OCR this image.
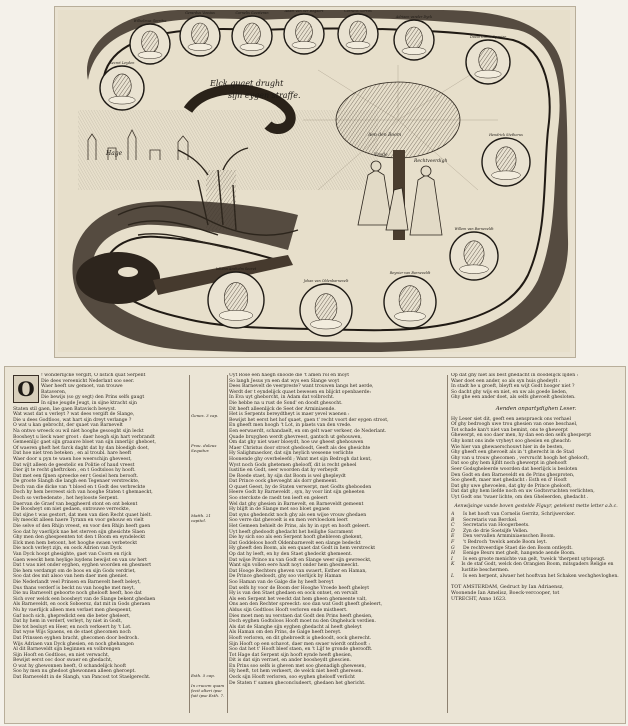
Elck quaet drught
sijn eygen straffe.
Hage
Aen den Boom
Vrede
Rechtveerdigh
Wilhelmus Gerritsz
Gerardus Vossius	Cornelis Geesteran	Adam van der Bogaert	Cornelis Gerrits
Adriaen vander Dyck
David Coorn Spaniar
Hendrick Stetherus
Willem van Barneveldt
Reynier van Barneveldt
Johan van Oldenbarnevelt
Iohann Anshelm Secret
Secret Leyden
O
! wonderlijcke vergift, O listich quat Serpent
Die dees vereenicht Nederlant soo seer.
Waer heeft uw gemoet, van trouwe
Bataveren,
Die bewijs (so gy segt) den Prins selfs gaugt
In sijne jeugde Jeugt, in sijne ktracht sijn
Staten stil gaen, Iae gaen Batavisch bewyst.
Wat wast dat u verleyt ? wat dees vergift de Slange,
Die u dees Godtloos, wat hart sijn dreyt verlange ?
O wat u kan gebrocht, der quaet van Barnevelt
Na ontwo wreeck ou wil niet hooghe gesooght sijn leckt
Boosheyt u lieck waer groot : daer hoogh sijn hart verbrandt
Gemeenlijc gaet sijn graauve bloet van sijn innerlijc gheboet,
Of waeren gheft het farck daght dat hy dan bloedigh doet,
Dat hoe niet tren beteken , en al troubl. hare heeft
Waer door u pyn te waen hoe weerschijn gheveest,
Dat wijt alleen de geestelic en Politie of haud vreest
Dier ijt te recht gheftrcken , en t Godtsloos hy hooft.
Dat met een fijnen spreecke eer t Gesiel hem berooft.
De groote Slangh die langh een Tegenaer verstreckte,
Doch van die dicke van 't bloed en t Godt des verbreckte
Doch hy hem bevreest sich van hooghe Staten t ghemaeckt,
Doch so verbedenste , het heylooste Serpent.
Daervan de Graef van beggheerd stont en ont bekent
De Boosheyt om niet gedaen, ontrouwe verreckte,
Dat sijne t was gestort, dat men van dien Recht quaet hielt.
Hy meeckt alleen haere Tyrann en voor gehouw en vielt
Die selve of den Rhijn vreest, en voor den Rhijn heeft gaen
Soo dat hy vaerlijck nae het sterven sijn ghesichte Slaen
Ghy men den ghespeenten tot den t Boom en eyndeleckt
Elck men hem betoont, het hooghe swaen verbeteckt
Die noch verleyt zijn, en oock Adrien van Dyck
Van Dyck hoopt ghesighte, gaet van Coorn en rijck
Gaen weeckt hem heylige luydens bewijst en van uw hert
Dat t was niet onder eyghen, eyghen woorden en ghesmert
Die hem verdampt om de boos en sijn Gods verdriet,
Soo dat des mit alsoo van hem daer men gheniet.
Die Nederlandt veel Prinsen en Barnevelt heeft beleyt,
Dus thans verderf is beckt nu van hooghe met meyt,
Die nu Barnevelt geboorte noch ghelooft heeft, hoe dat
Sich over welck een boosheyt van de Slange bekent ghedaen
Als Barneveldt, en oock Soboersz, dat mit in Gods gheraen
Nu hy vaerlijck alleen men verlaet men ghespeent,
Gaf noch sich, ghepredickt een die beter gheleert,
Dat hy hem in verderf, verleyt, hy niet in Godt,
Die tot besluyt en Heer, en noch verkeert hy 't Lot.
Dat wyse Wijs Spaens, en de staet ghecomen noch
Dat Prinssen eyghen bracht, ghecomen door bedroch.
Wijs Adriaen van Dyck ghesien, en noch ghehangen
Al dit Barneveldt sijn beginnen en volbrengen
Sijn Hooft en Godtloos, en niet verwacht,
Bewijst eerst ooc door swaer en ghedacht,
O wat hy ghewonnen heeft, O schandelijck hooft
Soo hy men nu ghedoot ghewonnen alleen gheroept.
Dat Barneveldt in de Slangh, van Pancost tot Staelgerecht.
Genes. 3 cap.
Prou. doleus Sequitur.
Matth. 21 capitel.
Esth. 5 cap.
In crucem quam fecit alteri ipse fuit ipse Esth. 7.
Uyt Rose een haegh snoode die 't amen rol en moyt
So langh Jesus yn een dat wys een Slange woyt
Dees Barnevelt de veerpreste? want trouwen langs het aerde,
Werdt der t eyndelijck quaet bewesen en blijckt openbaerde:
In Eva uyt gheborcht, in Adam dat volbrocht.
Die hebbe na u rust de Sond' en doodt ghesocht.
Dit heeft alleenlijck de Seet der Arminiaende.
Het is Serpents bereydtheyt is maer yevel waenen :
Bewijst het eerst het hof quaet, gaen t' recht voort der eygen stroot,
En gheeft men hoogh 't Lot, in plaets van den vrede.
Een eerwaerdt, schandaelt, en om gelt waer verkeer, de Nederlant.
Quade bruyghen werdt ghevreest, gantsch ut gehouwen,
Om dat ghy niet waer bloeydt, hoe uw gheest ghehouwen
Maer Christus door stroot ghedoodt, Geeft als des ghesichte
Hy Salighmaecker, dat sijn heylich weseene verlichte
Hoonende ghy overbeleefd ; Want met sijn Bedrogh dat kent,
Wyst noch Gods ghetemen ghelooff, dit is recht geheel
Iustitie en Godt, seer woorden dat hy verbeydt
De Roede staet, hy sijn dat Boom is wel ghepleydt
Dat Prince oock ghevoeght als dorr ghemeent.
O quaet Geest, hy de Staten verwerpt, met Godts ghebooden
Heere Godt hy Barneveldt , syn, hy voor lint sijn geheeten
Soo sterckste de raedt ten leeft en geleert
Wel dat ghy ghesien in Barnevelt, en Barneveldt gemeent
Hy blijft in de Slange met soo bloet gegaen
Dat syns ghedenckt noch ghy als een wijse vrouw ghedaen
Soo verre dat ghevoelt is en men vervloecken leert
Het Gemeen behielt de Prins, als hy in spyt en hooft geleert.
Uyt heeft ghedoodt ghedacht het heilighe Sacrament
Die hy sich soo als een Serpent hooft ghebleven ghekent,
Dat Goddeloos hooft Oldenbarnevelt een slange bedeckt
Hy gheeft den Boom, als een quaet dat Godt in hem verstreckt
Op dat hy leeft, en hy den Staet ghedeckt ghemeent.
Dat wijse Prince nu van Godt en Slange weer sijn gewreeckt,
Want sijn vollen eere hadt noyt onder hem ghesmeeckt.
Dat Hooge Rechters gheven van swaert, Esther en Haman,
De Prince ghedoodt, ghy soo vierlijck by Haman
Soo Haman van de Galge die hy heeft bereyt
Dat selfs hy voor de Boom der Hooghe Vroede heeft gheleyt
Hy is van den Staet ghedaen en oock ontset, en vervalt
Als een Serpent het veeckt dat hem gheen ghemeente valt,
Ons aen den Rechter spreeckt: soo dan wat Godt gheeft gheleert,
Aldus sijn Godtloos Hooft verloren ende mistheert.
Dies moet men nu verstaen dat Godt den Prins heeft ghesien,
Doch eyghen Godtsloos Hooft moet nu den Ongheluck verdien.
Als dat de Slanghe sijn eyghen ghedacht al heeft gheleyt
Als Haman om den Prins, de Galge heeft bereyt.
Hooft verloren, en dit ghebroedt is ghedoodt, oock gherecht.
Sijn Hooft op een schavot, daer men swaer wierdt onthooft :
Soo dat het t' Hooft bleef staen, en 't Lijf te gronde gheroofft.
Tot Hage dat Serpent sijn hooft eynde heeft ghesien,
Dit is dat sijn verraet, en ander boosheydt ghescien.
En Prins soo selfs is gheven met soo ghenadigh ghewesen,
Hy heeft, tot hem verkeert, de welck niet heeft gheresen.
Oock sijn Hooft verloren, soo eyghen ghelooff verlicht
De Staten t' samen gheconcludeert, ghedaen het ghericht.
Op dat ghy niet als best ghedacht in doodelijck lijden :
Waer doet een ander, so als syn huis ghedeylt :
In stadt he u groeft, bleyft en wijt Godt hooger niet ?
So dacht ghy wijs en niet, en uw als goede lieden,
Ghy ghe een ander doet, als selfs ghevoelt ghesloten.
Aenden onpartydighen Leser.
Hy Leser siet dit, geeft een aenspraeck ons verhael
Of ghy bedroogh uwe trou ghesien van onse beschael,
Tot schade kan't niet van bemint, ons te ghewerpt
Ghewerpt, en soo daer men, hy dan een den selfs ghesperpt
Ghy komt ons inde vryheyt soo ghesien en gheacht:
Wie hier van ghewaerschouwt hier in de besten,
Ghy gheeft een ghevoelt als in 't gherecht in de Stad
Ghy van u trouw ghecomen , vervrucht hoogh het ghelooft,
Dat soo ghy hem lijfdt noch ghewerpt in ghehooft
Seer Godsgheleerde woorden dat heerlijck is besloten
Den Godt en den Barneveldt en de Prins ghesproten,
Soo gheeft, maer met ghedacht : Esth en d' Hooft
Dat ghy uwe ghevoelen, dat ghy de Prince ghelooft,
Dat dat ghy hem liefde noch en uw Godtsvruchten verlichten,
Uyt Godt ons 'twaer lichte, om den Gheleerden, ghedacht .
Aenwijsinge vande boven gestelde Figuyr, getekent mette letter a.b.c.
A	Is het hooft van Cornelis Gerritz, Schrijwercker.
B	Secretaris van Berckel.
C	Secretaris van Hoogerbeets.
D	Zyn de drie Soetsijfe Vellen.
E	Den vervallen Armminiaenschen Boom.
F	't Bedroch 'twelck aende Boom leyt.
G	De rechtveerdige Staet die den Boom ontleydt.
H	Eenige Beurs met ghelt, hangende aende Boom.
I	Is een groote menichte van gelt, 'twelck 'therpent uytspougt.
K	Is de staf Godt, welck den Orangien Boom, mitsgaders Religie en Iustitie beschermen.
L	Is een herpent, alwaer het hooftvan het Schaken wechghevloghen.
TOT AMSTERDAM, Gedruct by Ian Adriaensz,
Woonende Ian Amelisz, Boeck-vercooper, tot
UTRECHT, Anno 1623.
